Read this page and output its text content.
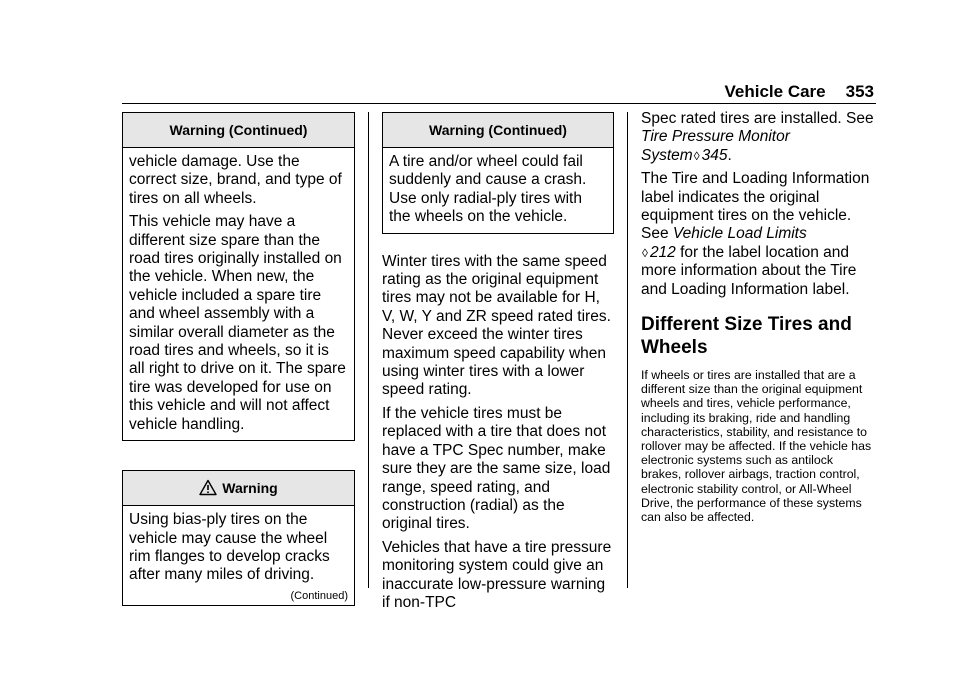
Vehicle Care 353
Warning (Continued)

vehicle damage. Use the correct size, brand, and type of tires on all wheels.

This vehicle may have a different size spare than the road tires originally installed on the vehicle. When new, the vehicle included a spare tire and wheel assembly with a similar overall diameter as the road tires and wheels, so it is all right to drive on it. The spare tire was developed for use on this vehicle and will not affect vehicle handling.

Warning

Using bias-ply tires on the vehicle may cause the wheel rim flanges to develop cracks after many miles of driving.

(Continued)
Warning (Continued)

A tire and/or wheel could fail suddenly and cause a crash. Use only radial-ply tires with the wheels on the vehicle.

Winter tires with the same speed rating as the original equipment tires may not be available for H, V, W, Y and ZR speed rated tires. Never exceed the winter tires maximum speed capability when using winter tires with a lower speed rating.

If the vehicle tires must be replaced with a tire that does not have a TPC Spec number, make sure they are the same size, load range, speed rating, and construction (radial) as the original tires.

Vehicles that have a tire pressure monitoring system could give an inaccurate low-pressure warning if non-TPC

Spec rated tires are installed. See Tire Pressure Monitor System◊ 345.

The Tire and Loading Information label indicates the original equipment tires on the vehicle. See Vehicle Load Limits
◊ 212 for the label location and more information about the Tire and Loading Information label.

Different Size Tires and Wheels

If wheels or tires are installed that are a different size than the original equipment wheels and tires, vehicle performance, including its braking, ride and handling characteristics, stability, and resistance to rollover may be affected. If the vehicle has electronic systems such as antilock brakes, rollover airbags, traction control, electronic stability control, or All-Wheel Drive, the performance of these systems can also be affected.
